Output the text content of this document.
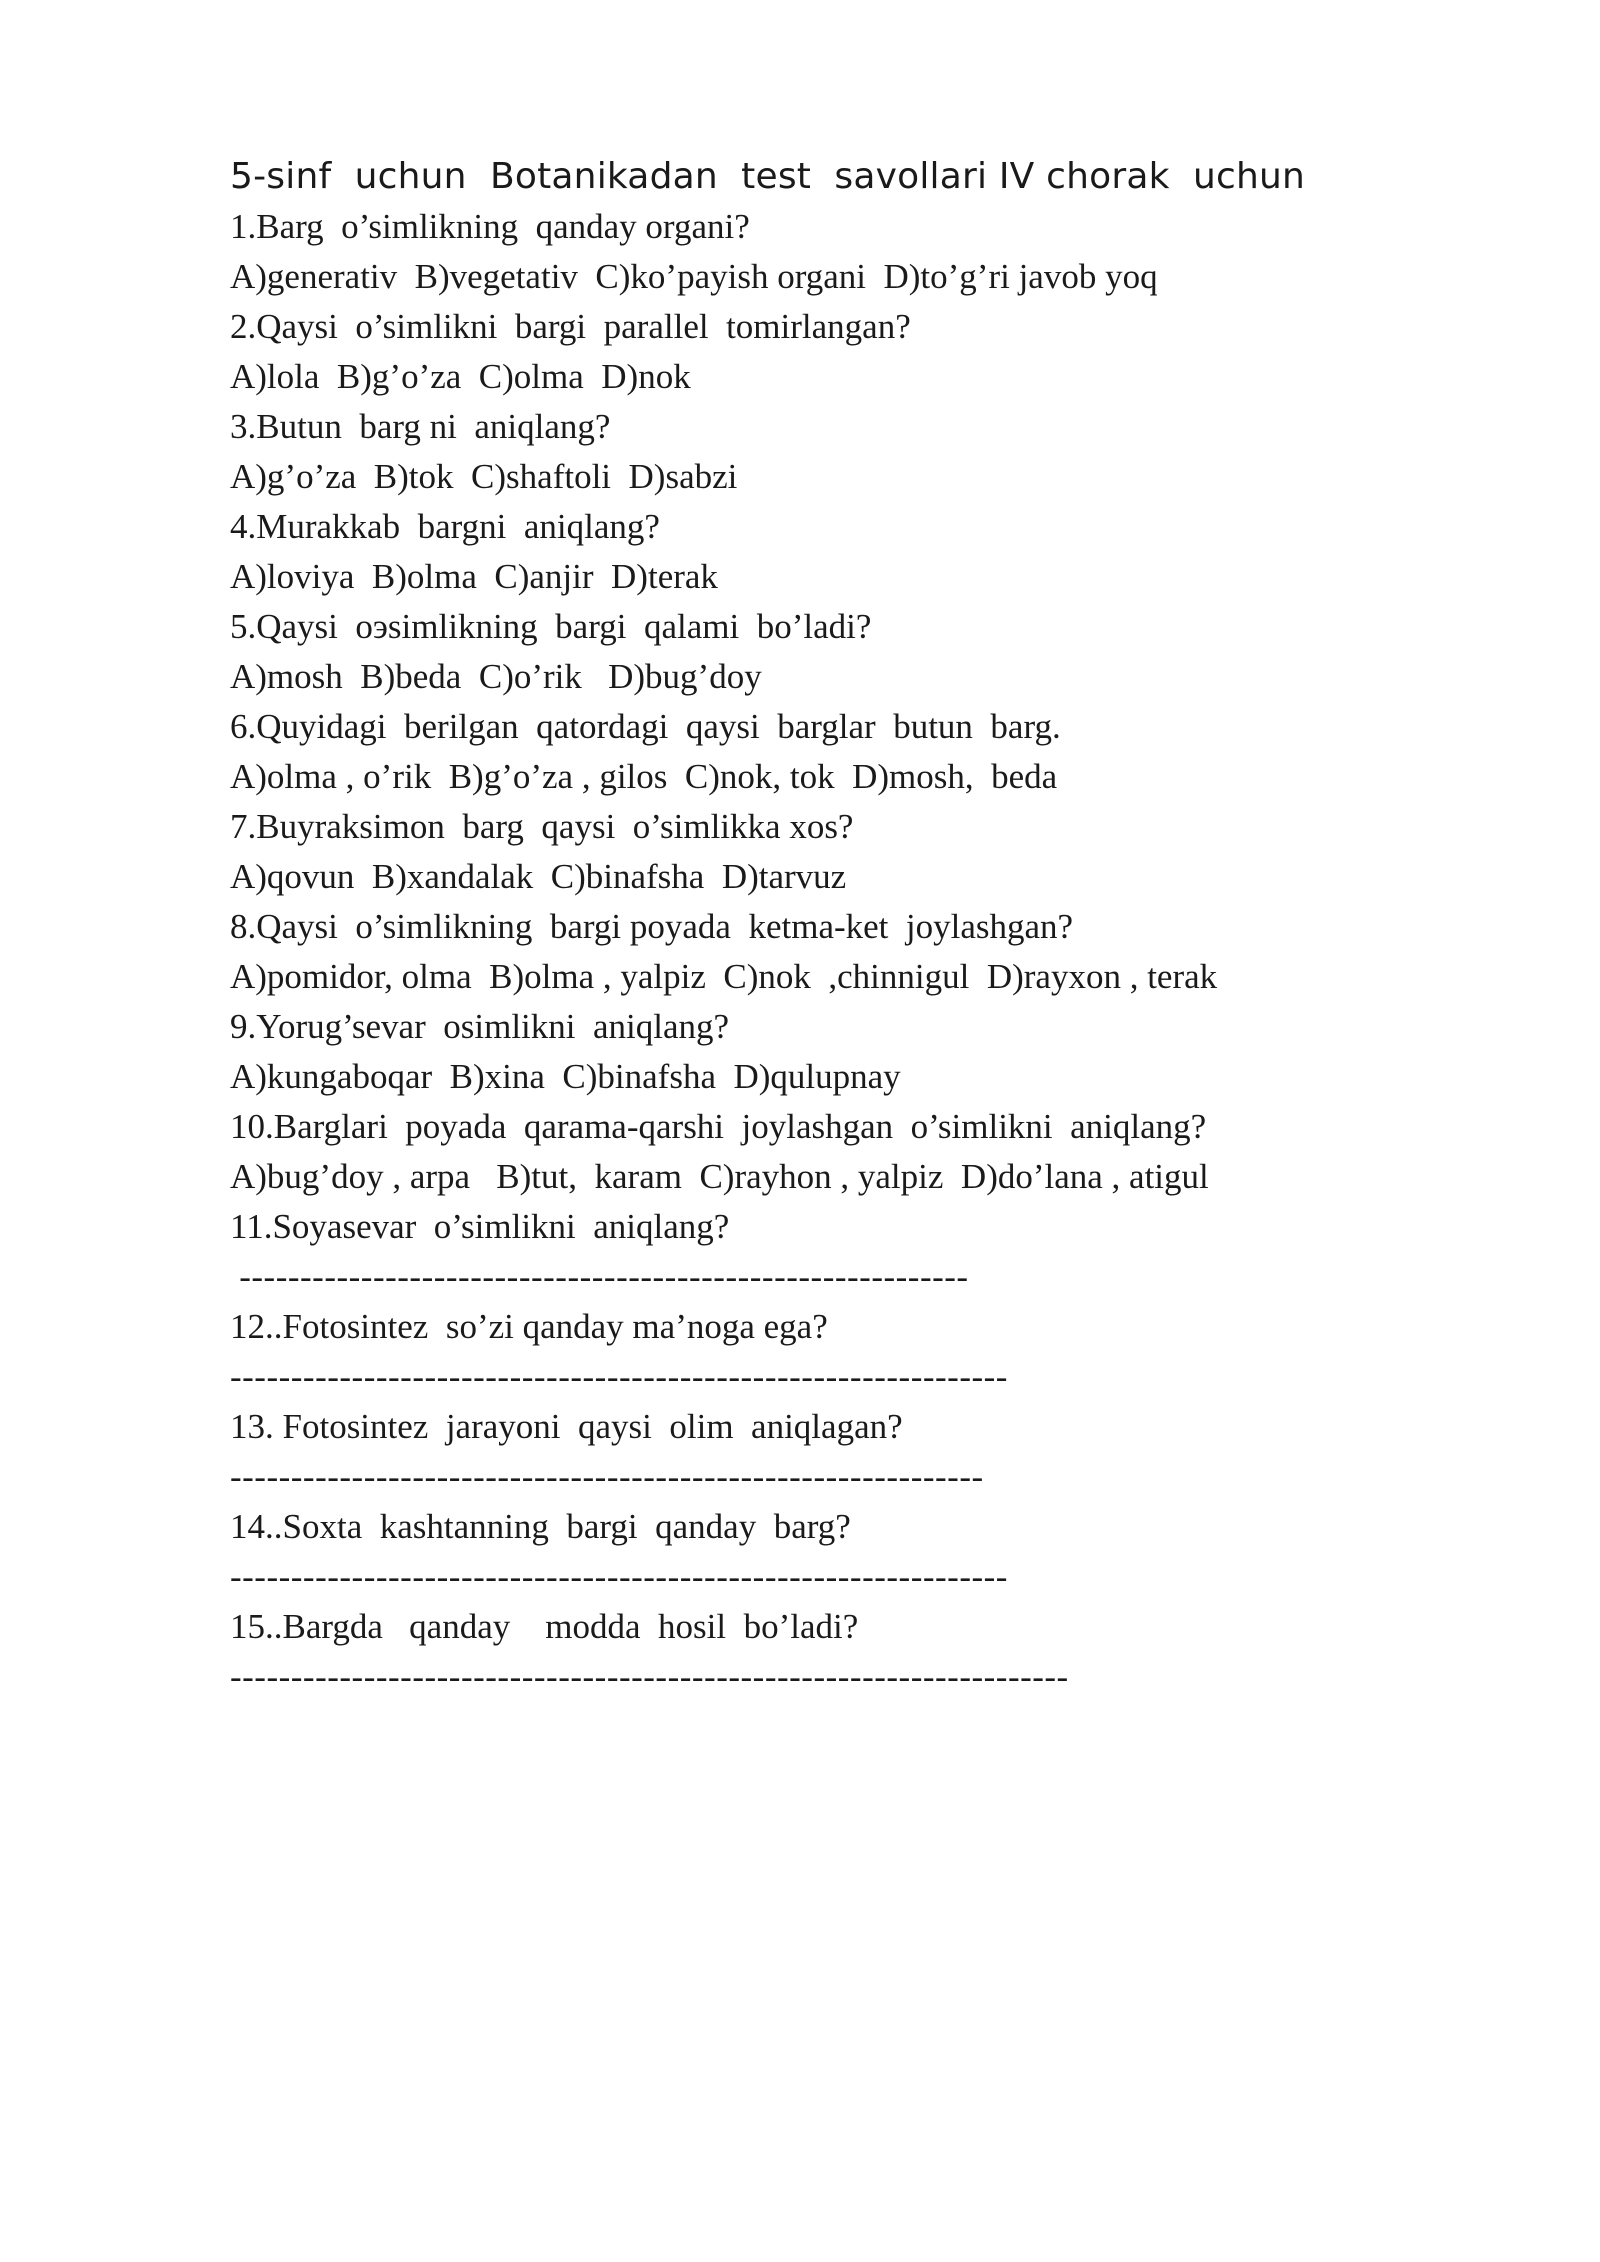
5-sinf  uchun  Botanikadan  test  savollari IV chorak  uchun
1.Barg  o’simlikning  qanday organi?
A)generativ  B)vegetativ  C)ko’payish organi  D)to’g’ri javob yoq
2.Qaysi  o’simlikni  bargi  parallel  tomirlangan?
A)lola  B)g’o’za  C)olma  D)nok
3.Butun  barg ni  aniqlang?
A)g’o’za  B)tok  C)shaftoli  D)sabzi
4.Murakkab  bargni  aniqlang?
A)loviya  B)olma  C)anjir  D)terak
5.Qaysi  oэsimlikning  bargi  qalami  bo’ladi?
A)mosh  B)beda  C)o’rik   D)bug’doy
6.Quyidagi  berilgan  qatordagi  qaysi  barglar  butun  barg.
A)olma , o’rik  B)g’o’za , gilos  C)nok, tok  D)mosh,  beda
7.Buyraksimon  barg  qaysi  o’simlikka xos?
A)qovun  B)xandalak  C)binafsha  D)tarvuz
8.Qaysi  o’simlikning  bargi poyada  ketma-ket  joylashgan?
A)pomidor, olma  B)olma , yalpiz  C)nok  ,chinnigul  D)rayxon , terak
9.Yorug’sevar  osimlikni  aniqlang?
A)kungaboqar  B)xina  C)binafsha  D)qulupnay
10.Barglari  poyada  qarama-qarshi  joylashgan  o’simlikni  aniqlang?
A)bug’doy , arpa   B)tut,  karam  C)rayhon , yalpiz  D)do’lana , atigul
11.Soyasevar  o’simlikni  aniqlang?
------------------------------------------------------------
12..Fotosintez  so’zi qanday ma’noga ega?
----------------------------------------------------------------
13. Fotosintez  jarayoni  qaysi  olim  aniqlagan?
--------------------------------------------------------------
14..Soxta  kashtanning  bargi  qanday  barg?
----------------------------------------------------------------
15..Bargda   qanday    modda  hosil  bo’ladi?
---------------------------------------------------------------------
